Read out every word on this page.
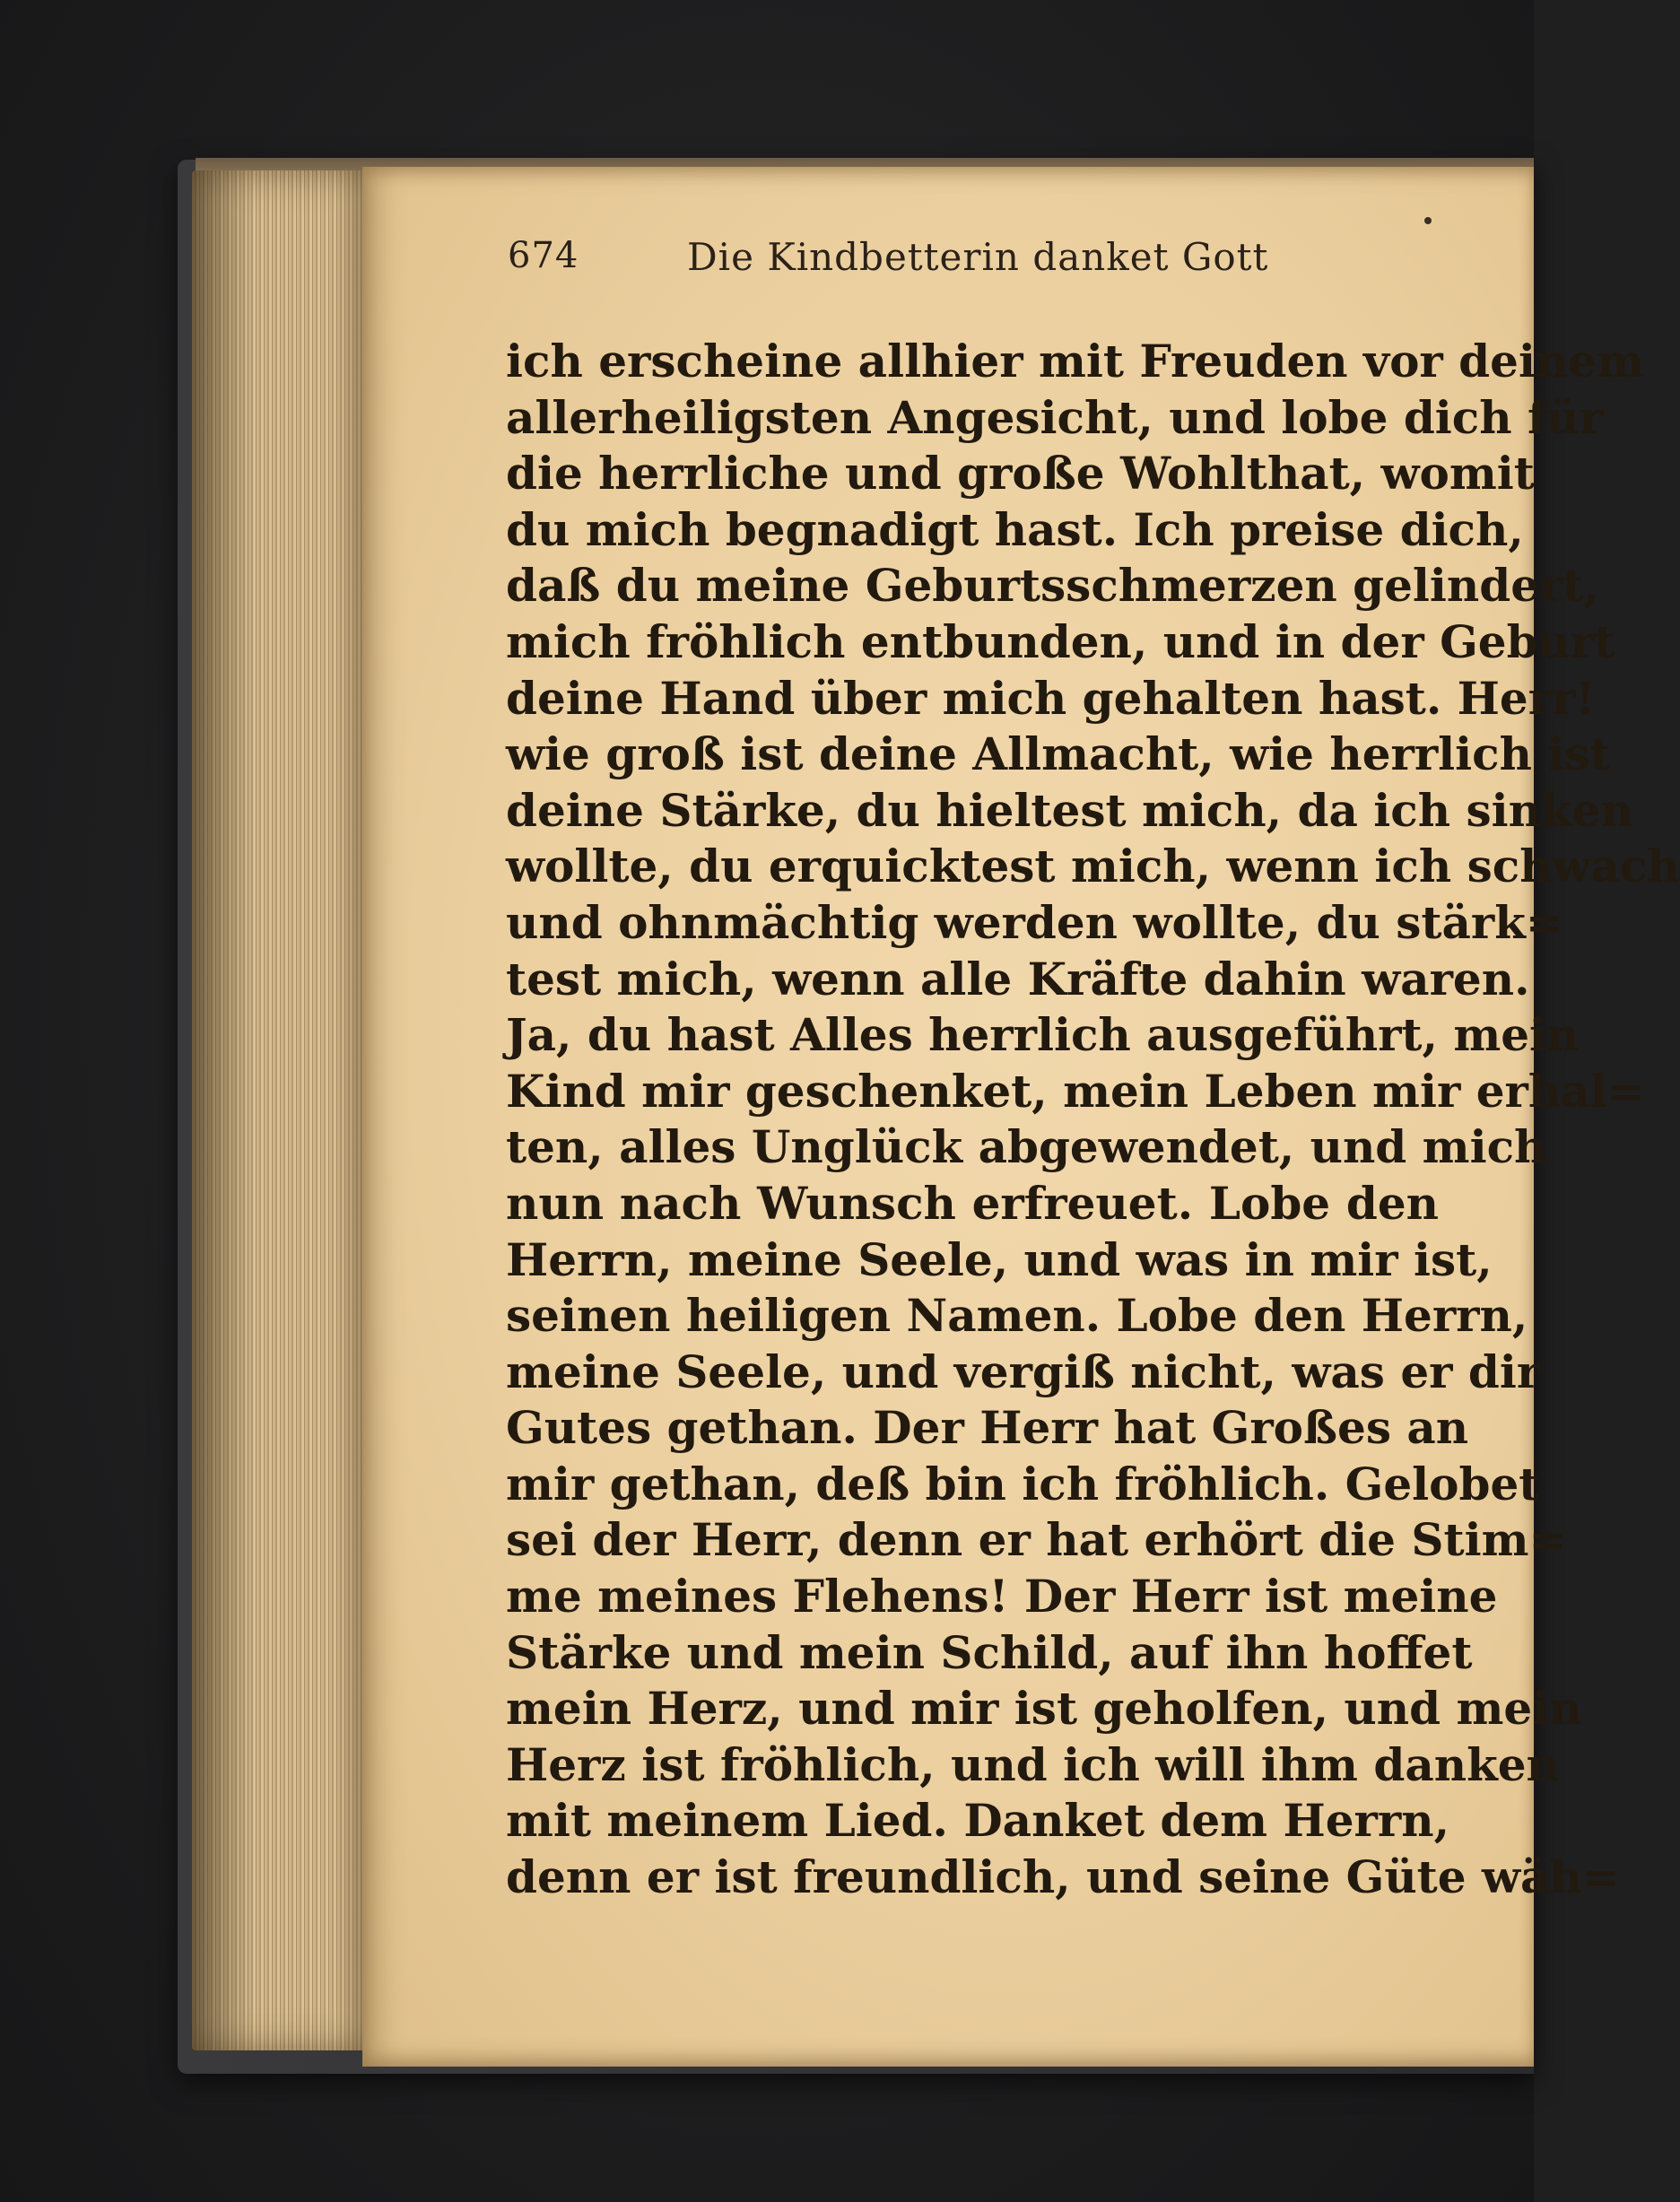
674	Die Kindbetterin danket Gott
ich erscheine allhier mit Freuden vor deinem
allerheiligsten Angesicht, und lobe dich für
die herrliche und große Wohlthat, womit
du mich begnadigt hast. Ich preise dich,
daß du meine Geburtsschmerzen gelindert,
mich fröhlich entbunden, und in der Geburt
deine Hand über mich gehalten hast. Herr!
wie groß ist deine Allmacht, wie herrlich ist
deine Stärke, du hieltest mich, da ich sinken
wollte, du erquicktest mich, wenn ich schwach
und ohnmächtig werden wollte, du stärk=
test mich, wenn alle Kräfte dahin waren.
Ja, du hast Alles herrlich ausgeführt, mein
Kind mir geschenket, mein Leben mir erhal=
ten, alles Unglück abgewendet, und mich
nun nach Wunsch erfreuet. Lobe den
Herrn, meine Seele, und was in mir ist,
seinen heiligen Namen. Lobe den Herrn,
meine Seele, und vergiß nicht, was er dir
Gutes gethan. Der Herr hat Großes an
mir gethan, deß bin ich fröhlich. Gelobet
sei der Herr, denn er hat erhört die Stim=
me meines Flehens! Der Herr ist meine
Stärke und mein Schild, auf ihn hoffet
mein Herz, und mir ist geholfen, und mein
Herz ist fröhlich, und ich will ihm danken
mit meinem Lied. Danket dem Herrn,
denn er ist freundlich, und seine Güte wäh=
